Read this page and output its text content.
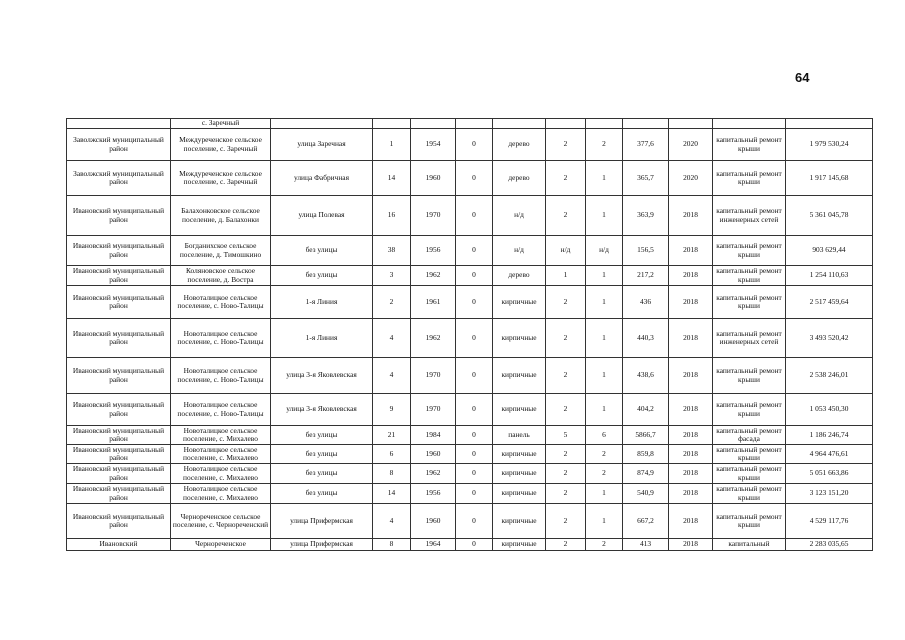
64
	с. Заречный											
Заволжский муниципальный район	Междуреченское сельское поселение, с. Заречный	улица Заречная	1	1954	0	дерево	2	2	377,6	2020	капитальный ремонт крыши	1 979 530,24
Заволжский муниципальный район	Междуреченское сельское поселение, с. Заречный	улица Фабричная	14	1960	0	дерево	2	1	365,7	2020	капитальный ремонт крыши	1 917 145,68
Ивановский муниципальный район	Балахонковское сельское поселение, д. Балахонки	улица Полевая	16	1970	0	н/д	2	1	363,9	2018	капитальный ремонт инженерных сетей	5 361 045,78
Ивановский муниципальный район	Богданихское сельское поселение, д. Тимошкино	без улицы	38	1956	0	н/д	н/д	н/д	156,5	2018	капитальный ремонт крыши	903 629,44
Ивановский муниципальный район	Коляновское сельское поселение, д. Вострa	без улицы	3	1962	0	дерево	1	1	217,2	2018	капитальный ремонт крыши	1 254 110,63
Ивановский муниципальный район	Новоталицкое сельское поселение, с. Ново-Талицы	1-я Линия	2	1961	0	кирпичные	2	1	436	2018	капитальный ремонт крыши	2 517 459,64
Ивановский муниципальный район	Новоталицкое сельское поселение, с. Ново-Талицы	1-я Линия	4	1962	0	кирпичные	2	1	440,3	2018	капитальный ремонт инженерных сетей	3 493 520,42
Ивановский муниципальный район	Новоталицкое сельское поселение, с. Ново-Талицы	улица 3-я Яковлевская	4	1970	0	кирпичные	2	1	438,6	2018	капитальный ремонт крыши	2 538 246,01
Ивановский муниципальный район	Новоталицкое сельское поселение, с. Ново-Талицы	улица 3-я Яковлевская	9	1970	0	кирпичные	2	1	404,2	2018	капитальный ремонт крыши	1 053 450,30
Ивановский муниципальный район	Новоталицкое сельское поселение, с. Михалево	без улицы	21	1984	0	панель	5	6	5866,7	2018	капитальный ремонт фасада	1 186 246,74
Ивановский муниципальный район	Новоталицкое сельское поселение, с. Михалево	без улицы	6	1960	0	кирпичные	2	2	859,8	2018	капитальный ремонт крыши	4 964 476,61
Ивановский муниципальный район	Новоталицкое сельское поселение, с. Михалево	без улицы	8	1962	0	кирпичные	2	2	874,9	2018	капитальный ремонт крыши	5 051 663,86
Ивановский муниципальный район	Новоталицкое сельское поселение, с. Михалево	без улицы	14	1956	0	кирпичные	2	1	540,9	2018	капитальный ремонт крыши	3 123 151,20
Ивановский муниципальный район	Чернореченское сельское поселение, с. Чернореченский	улица Прифермская	4	1960	0	кирпичные	2	1	667,2	2018	капитальный ремонт крыши	4 529 117,76
Ивановский	Чернореченское	улица Прифермская	8	1964	0	кирпичные	2	2	413	2018	капитальный	2 283 035,65
